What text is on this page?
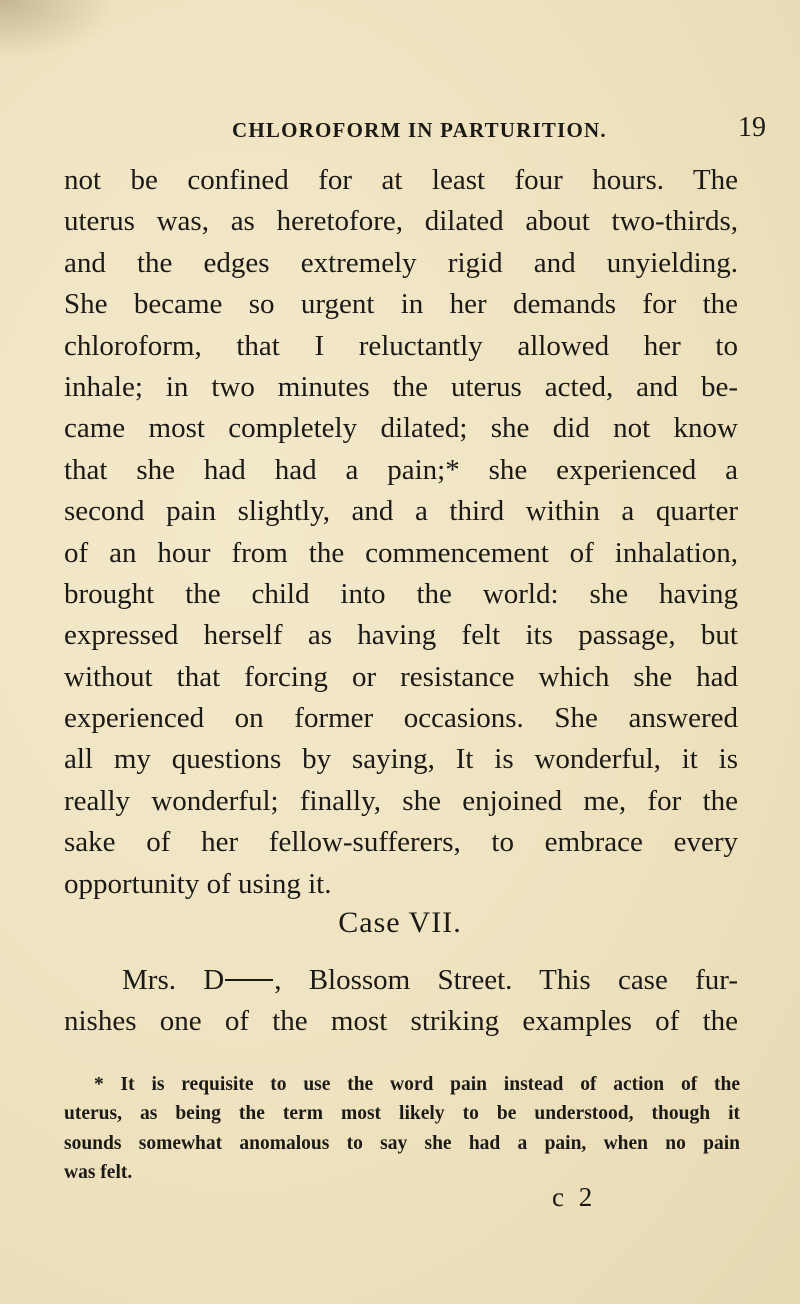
CHLOROFORM IN PARTURITION.	19
not be confined for at least four hours. The
uterus was, as heretofore, dilated about two-thirds,
and the edges extremely rigid and unyielding.
She became so urgent in her demands for the
chloroform, that I reluctantly allowed her to
inhale; in two minutes the uterus acted, and be-
came most completely dilated; she did not know
that she had had a pain;* she experienced a
second pain slightly, and a third within a quarter
of an hour from the commencement of inhalation,
brought the child into the world: she having
expressed herself as having felt its passage, but
without that forcing or resistance which she had
experienced on former occasions. She answered
all my questions by saying, It is wonderful, it is
really wonderful; finally, she enjoined me, for the
sake of her fellow-sufferers, to embrace every
opportunity of using it.
Case VII.
Mrs. D , Blossom Street. This case fur-
nishes one of the most striking examples of the
* It is requisite to use the word pain instead of action of the
uterus, as being the term most likely to be understood, though it
sounds somewhat anomalous to say she had a pain, when no pain
was felt.
c 2
